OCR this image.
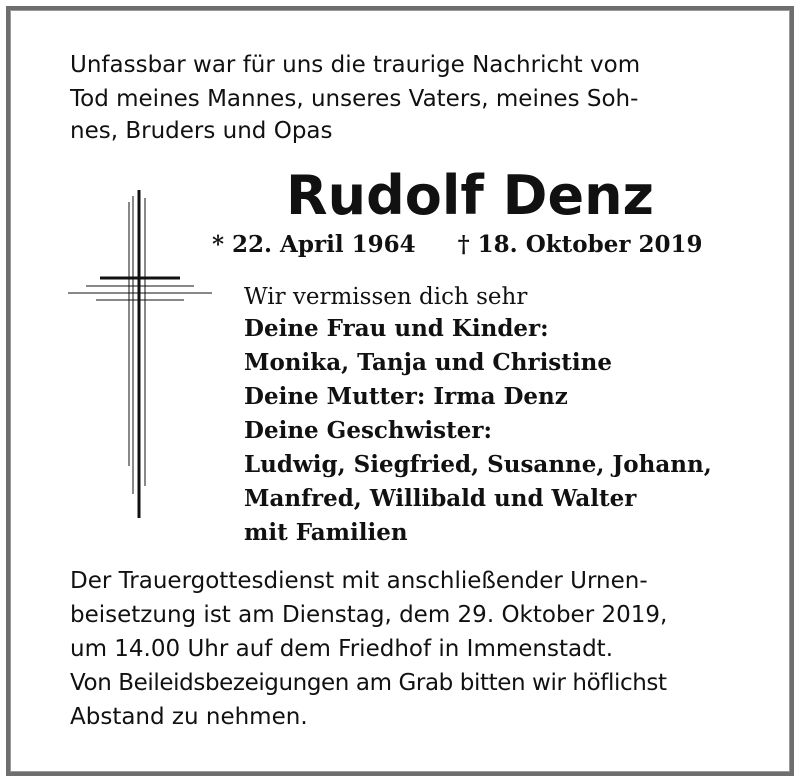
Unfassbar war für uns die traurige Nachricht vom
Tod meines Mannes, unseres Vaters, meines Soh-
nes, Bruders und Opas
Rudolf Denz
* 22. April 1964 † 18. Oktober 2019
Wir vermissen dich sehr
Deine Frau und Kinder:
Monika, Tanja und Christine
Deine Mutter: Irma Denz
Deine Geschwister:
Ludwig, Siegfried, Susanne, Johann,
Manfred, Willibald und Walter
mit Familien
Der Trauergottesdienst mit anschließender Urnen-
beisetzung ist am Dienstag, dem 29. Oktober 2019,
um 14.00 Uhr auf dem Friedhof in Immenstadt.
Von Beileidsbezeigungen am Grab bitten wir höflichst
Abstand zu nehmen.
